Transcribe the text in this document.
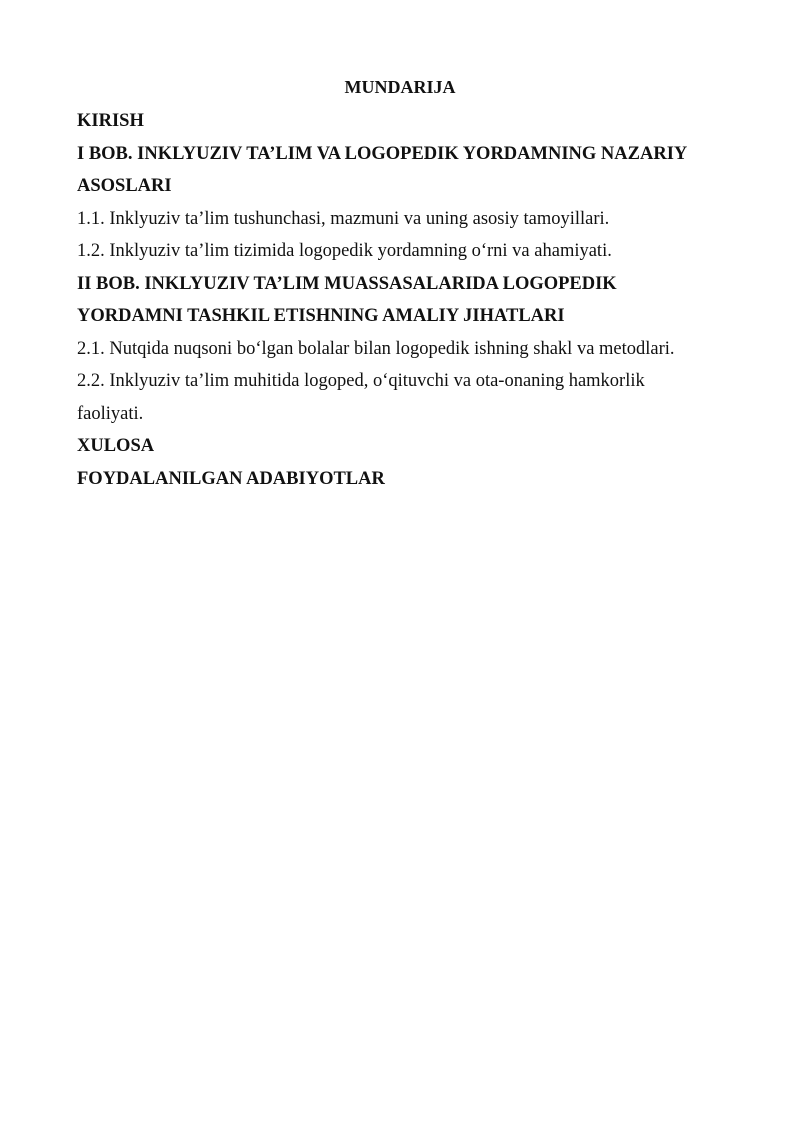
MUNDARIJA
KIRISH
I BOB. INKLYUZIV TA’LIM VA LOGOPEDIK YORDAMNING NAZARIY
ASOSLARI
1.1. Inklyuziv ta’lim tushunchasi, mazmuni va uning asosiy tamoyillari.
1.2. Inklyuziv ta’lim tizimida logopedik yordamning o‘rni va ahamiyati.
II BOB. INKLYUZIV TA’LIM MUASSASALARIDA LOGOPEDIK
YORDAMNI TASHKIL ETISHNING AMALIY JIHATLARI
2.1. Nutqida nuqsoni bo‘lgan bolalar bilan logopedik ishning shakl va metodlari.
2.2. Inklyuziv ta’lim muhitida logoped, o‘qituvchi va ota-onaning hamkorlik
faoliyati.
XULOSA
FOYDALANILGAN ADABIYOTLAR
